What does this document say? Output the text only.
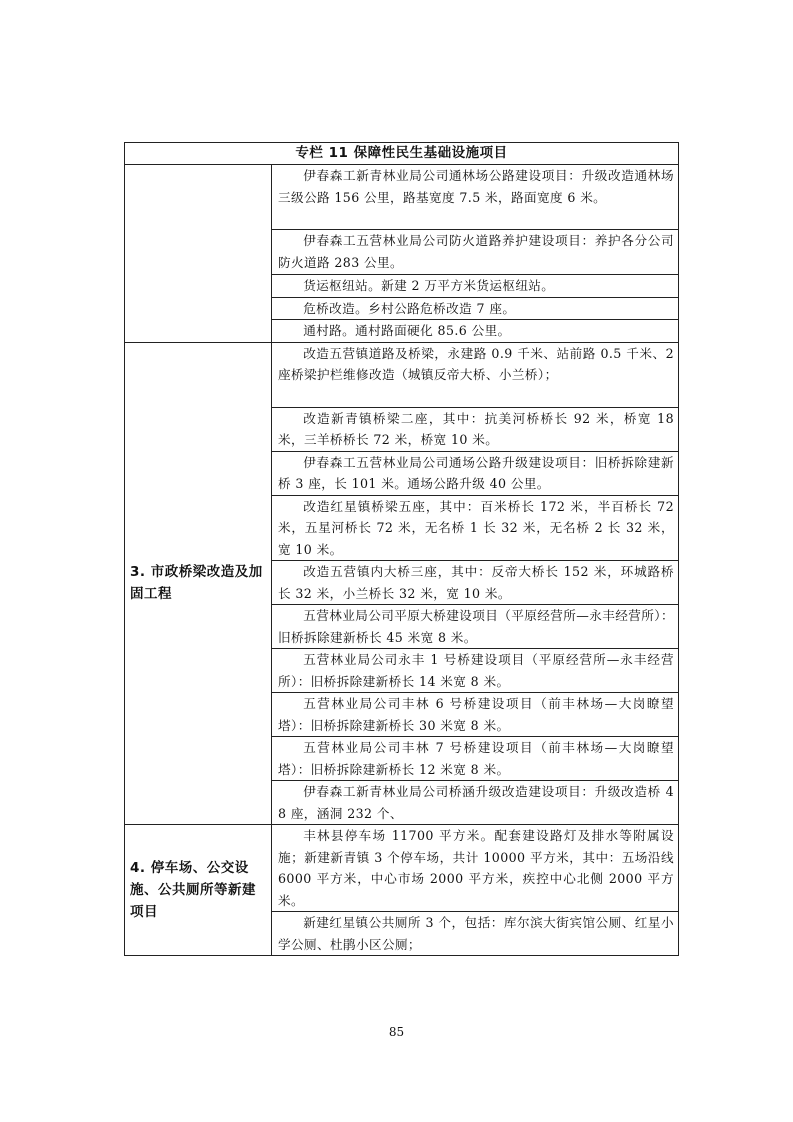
专栏 11 保障性民生基础设施项目	
	伊春森工新青林业局公司通林场公路建设项目：升级改造通林场三级公路 156 公里，路基宽度 7.5 米，路面宽度 6 米。
	伊春森工五营林业局公司防火道路养护建设项目：养护各分公司防火道路 283 公里。
	货运枢纽站。新建 2 万平方米货运枢纽站。
	危桥改造。乡村公路危桥改造 7 座。
	通村路。通村路面硬化 85.6 公里。
3. 市政桥梁改造及加固工程	改造五营镇道路及桥梁，永建路 0.9 千米、站前路 0.5 千米、2 座桥梁护栏维修改造（城镇反帝大桥、小兰桥）；
	改造新青镇桥梁二座，其中：抗美河桥桥长 92 米，桥宽 18 米，三羊桥桥长 72 米，桥宽 10 米。
	伊春森工五营林业局公司通场公路升级建设项目：旧桥拆除建新桥 3 座，长 101 米。通场公路升级 40 公里。
	改造红星镇桥梁五座，其中：百米桥长 172 米，半百桥长 72 米，五星河桥长 72 米，无名桥 1 长 32 米，无名桥 2 长 32 米，宽 10 米。
	改造五营镇内大桥三座，其中：反帝大桥长 152 米，环城路桥长 32 米，小兰桥长 32 米，宽 10 米。
	五营林业局公司平原大桥建设项目（平原经营所—永丰经营所）：旧桥拆除建新桥长 45 米宽 8 米。
	五营林业局公司永丰 1 号桥建设项目（平原经营所—永丰经营所）：旧桥拆除建新桥长 14 米宽 8 米。
	五营林业局公司丰林 6 号桥建设项目（前丰林场—大岗瞭望塔）：旧桥拆除建新桥长 30 米宽 8 米。
	五营林业局公司丰林 7 号桥建设项目（前丰林场—大岗瞭望塔）：旧桥拆除建新桥长 12 米宽 8 米。
	伊春森工新青林业局公司桥涵升级改造建设项目：升级改造桥 48 座，涵洞 232 个、
4. 停车场、公交设施、公共厕所等新建项目	丰林县停车场 11700 平方米。配套建设路灯及排水等附属设施；新建新青镇 3 个停车场，共计 10000 平方米，其中：五场沿线 6000 平方米，中心市场 2000 平方米，疾控中心北侧 2000 平方米。
	新建红星镇公共厕所 3 个，包括：库尔滨大街宾馆公厕、红星小学公厕、杜鹃小区公厕；
85
